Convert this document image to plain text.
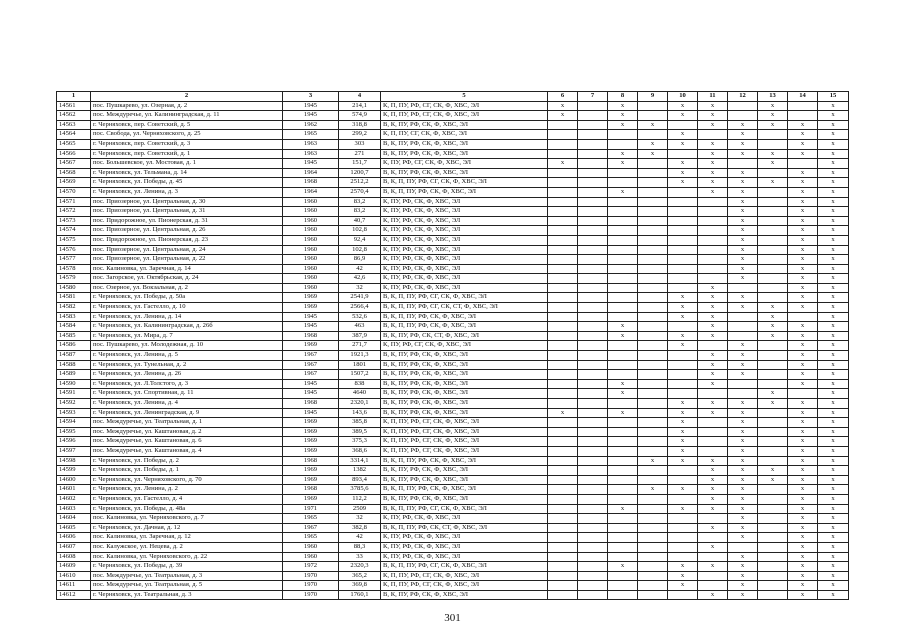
1	2	3	4	5	6	7	8	9	10	11	12	13	14	15
14561	пос. Пушкарево, ул. Озерная, д. 2	1945	214,1	К, П, ПУ, РФ, СГ, СК, Ф, ХВС, ЭЛ	x		x		x	x		x		x
14562	пос. Междуречье, ул. Калининградская, д. 11	1945	574,9	К, П, ПУ, РФ, СГ, СК, Ф, ХВС, ЭЛ	x		x		x	x		x		x
14563	г. Черняховск, пер. Советский, д. 5	1962	318,8	В, К, ПУ, РФ, СК, Ф, ХВС, ЭЛ			x	x		x	x	x	x	x
14564	пос. Свобода, ул. Черняховского, д. 25	1965	299,2	К, П, ПУ, СГ, СК, Ф, ХВС, ЭЛ					x		x		x	x
14565	г. Черняховск, пер. Советский, д. 3	1963	303	В, К, ПУ, РФ, СК, Ф, ХВС, ЭЛ				x	x	x	x		x	x
14566	г. Черняховск, пер. Советский, д. 1	1963	271	В, К, ПУ, РФ, СК, Ф, ХВС, ЭЛ			x	x		x	x	x	x	x
14567	пос. Большевское, ул. Мостовая, д. 1	1945	151,7	К, ПУ, РФ, СГ, СК, Ф, ХВС, ЭЛ	x		x		x	x		x		x
14568	г. Черняховск, ул. Тельмана, д. 14	1964	1200,7	В, К, ПУ, РФ, СК, Ф, ХВС, ЭЛ					x	x	x		x	x
14569	г. Черняховск, ул. Победы, д. 45	1968	2512,2	В, К, П, ПУ, РФ, СГ, СК, Ф, ХВС, ЭЛ					x	x	x	x	x	x
14570	г. Черняховск, ул. Ленина, д. 3	1964	2570,4	В, К, П, ПУ, РФ, СК, Ф, ХВС, ЭЛ			x			x	x		x	x
14571	пос. Приозерное, ул. Центральная, д. 30	1960	83,2	К, ПУ, РФ, СК, Ф, ХВС, ЭЛ							x		x	x
14572	пос. Приозерное, ул. Центральная, д. 31	1960	83,2	К, ПУ, РФ, СК, Ф, ХВС, ЭЛ							x		x	x
14573	пос. Придорожное, ул. Пионерская, д. 31	1960	40,7	К, ПУ, РФ, СК, Ф, ХВС, ЭЛ							x		x	x
14574	пос. Приозерное, ул. Центральная, д. 26	1960	102,8	К, ПУ, РФ, СК, Ф, ХВС, ЭЛ							x		x	x
14575	пос. Придорожное, ул. Пионерская, д. 23	1960	92,4	К, ПУ, РФ, СК, Ф, ХВС, ЭЛ							x		x	x
14576	пос. Приозерное, ул. Центральная, д. 24	1960	102,8	К, ПУ, РФ, СК, Ф, ХВС, ЭЛ							x		x	x
14577	пос. Приозерное, ул. Центральная, д. 22	1960	86,9	К, ПУ, РФ, СК, Ф, ХВС, ЭЛ							x		x	x
14578	пос. Калиновка, ул. Заречная, д. 14	1960	42	К, ПУ, РФ, СК, Ф, ХВС, ЭЛ							x		x	x
14579	пос. Загорское, ул. Октябрьская, д. 24	1960	42,6	К, ПУ, РФ, СК, Ф, ХВС, ЭЛ							x		x	x
14580	пос. Озерное, ул. Вокзальная, д. 2	1960	32	К, ПУ, РФ, СК, Ф, ХВС, ЭЛ						x			x	x
14581	г. Черняховск, ул. Победы, д. 50а	1969	2541,9	В, К, П, ПУ, РФ, СГ, СК, Ф, ХВС, ЭЛ					x	x	x		x	x
14582	г. Черняховск, ул. Гастелло, д. 10	1969	2566,4	В, К, П, ПУ, РФ, СГ, СК, СТ, Ф, ХВС, ЭЛ					x	x	x	x	x	x
14583	г. Черняховск, ул. Ленина, д. 14	1945	532,6	В, К, П, ПУ, РФ, СК, Ф, ХВС, ЭЛ					x	x		x		x
14584	г. Черняховск, ул. Калининградская, д. 26б	1945	463	В, К, П, ПУ, РФ, СК, Ф, ХВС, ЭЛ			x			x		x	x	x
14585	г. Черняховск, ул. Мира, д. 7	1968	387,9	В, К, ПУ, РФ, СК, СТ, Ф, ХВС, ЭЛ			x		x	x		x	x	x
14586	пос. Пушкарево, ул. Молодежная, д. 10	1969	271,7	К, ПУ, РФ, СГ, СК, Ф, ХВС, ЭЛ					x		x		x	x
14587	г. Черняховск, ул. Ленина, д. 5	1967	1921,3	В, К, ПУ, РФ, СК, Ф, ХВС, ЭЛ						x	x		x	x
14588	г. Черняховск, ул. Тунельная, д. 2	1967	1801	В, К, ПУ, РФ, СК, Ф, ХВС, ЭЛ						x	x		x	x
14589	г. Черняховск, ул. Ленина, д. 26	1967	1507,2	В, К, ПУ, РФ, СК, Ф, ХВС, ЭЛ						x	x		x	x
14590	г. Черняховск, ул. Л.Толстого, д. 3	1945	838	В, К, ПУ, РФ, СК, Ф, ХВС, ЭЛ			x			x			x	x
14591	г. Черняховск, ул. Спортивная, д. 11	1945	4640	В, К, ПУ, РФ, СК, Ф, ХВС, ЭЛ			x					x		x
14592	г. Черняховск, ул. Ленина, д. 4	1968	2320,1	В, К, ПУ, РФ, СК, Ф, ХВС, ЭЛ					x	x	x	x	x	x
14593	г. Черняховск, ул. Ленинградская, д. 9	1945	143,6	В, К, ПУ, РФ, СК, Ф, ХВС, ЭЛ	x		x		x	x	x		x	x
14594	пос. Междуречье, ул. Театральная, д. 1	1969	385,8	К, П, ПУ, РФ, СГ, СК, Ф, ХВС, ЭЛ					x		x		x	x
14595	пос. Междуречье, ул. Каштановая, д. 2	1969	389,5	К, П, ПУ, РФ, СГ, СК, Ф, ХВС, ЭЛ					x		x		x	x
14596	пос. Междуречье, ул. Каштановая, д. 6	1969	375,3	К, П, ПУ, РФ, СГ, СК, Ф, ХВС, ЭЛ					x		x		x	x
14597	пос. Междуречье, ул. Каштановая, д. 4	1969	368,6	К, П, ПУ, РФ, СГ, СК, Ф, ХВС, ЭЛ					x		x		x	x
14598	г. Черняховск, ул. Победы, д. 2	1968	3314,1	В, К, П, ПУ, РФ, СК, Ф, ХВС, ЭЛ				x	x	x	x		x	x
14599	г. Черняховск, ул. Победы, д. 1	1969	1382	В, К, ПУ, РФ, СК, Ф, ХВС, ЭЛ						x	x	x	x	x
14600	г. Черняховск, ул. Черняховского, д. 70	1969	893,4	В, К, ПУ, РФ, СК, Ф, ХВС, ЭЛ						x	x	x	x	x
14601	г. Черняховск, ул. Ленина, д. 2	1968	3785,6	В, К, П, ПУ, РФ, СК, Ф, ХВС, ЭЛ				x	x	x	x		x	x
14602	г. Черняховск, ул. Гастелло, д. 4	1969	112,2	В, К, ПУ, РФ, СК, Ф, ХВС, ЭЛ						x	x		x	x
14603	г. Черняховск, ул. Победы, д. 48а	1971	2509	В, К, П, ПУ, РФ, СГ, СК, Ф, ХВС, ЭЛ			x		x	x	x		x	x
14604	пос. Калиновка, ул. Черняховского, д. 7	1965	32	К, ПУ, РФ, СК, Ф, ХВС, ЭЛ							x		x	x
14605	г. Черняховск, ул. Дачная, д. 12	1967	382,8	В, К, П, ПУ, РФ, СК, СТ, Ф, ХВС, ЭЛ						x	x		x	x
14606	пос. Калиновка, ул. Заречная, д. 12	1965	42	К, ПУ, РФ, СК, Ф, ХВС, ЭЛ							x		x	x
14607	пос. Калужское, ул. Нецева, д. 2	1960	88,3	К, ПУ, РФ, СК, Ф, ХВС, ЭЛ						x			x	x
14608	пос. Калиновка, ул. Черняховского, д. 22	1960	33	К, ПУ, РФ, СК, Ф, ХВС, ЭЛ							x		x	x
14609	г. Черняховск, ул. Победы, д. 39	1972	2320,3	В, К, П, ПУ, РФ, СГ, СК, Ф, ХВС, ЭЛ			x		x	x	x		x	x
14610	пос. Междуречье, ул. Театральная, д. 3	1970	365,2	К, П, ПУ, РФ, СГ, СК, Ф, ХВС, ЭЛ					x		x		x	x
14611	пос. Междуречье, ул. Театральная, д. 5	1970	369,8	К, П, ПУ, РФ, СГ, СК, Ф, ХВС, ЭЛ					x		x		x	x
14612	г. Черняховск, ул. Театральная, д. 3	1970	1760,1	В, К, ПУ, РФ, СК, Ф, ХВС, ЭЛ						x	x		x	x
301
